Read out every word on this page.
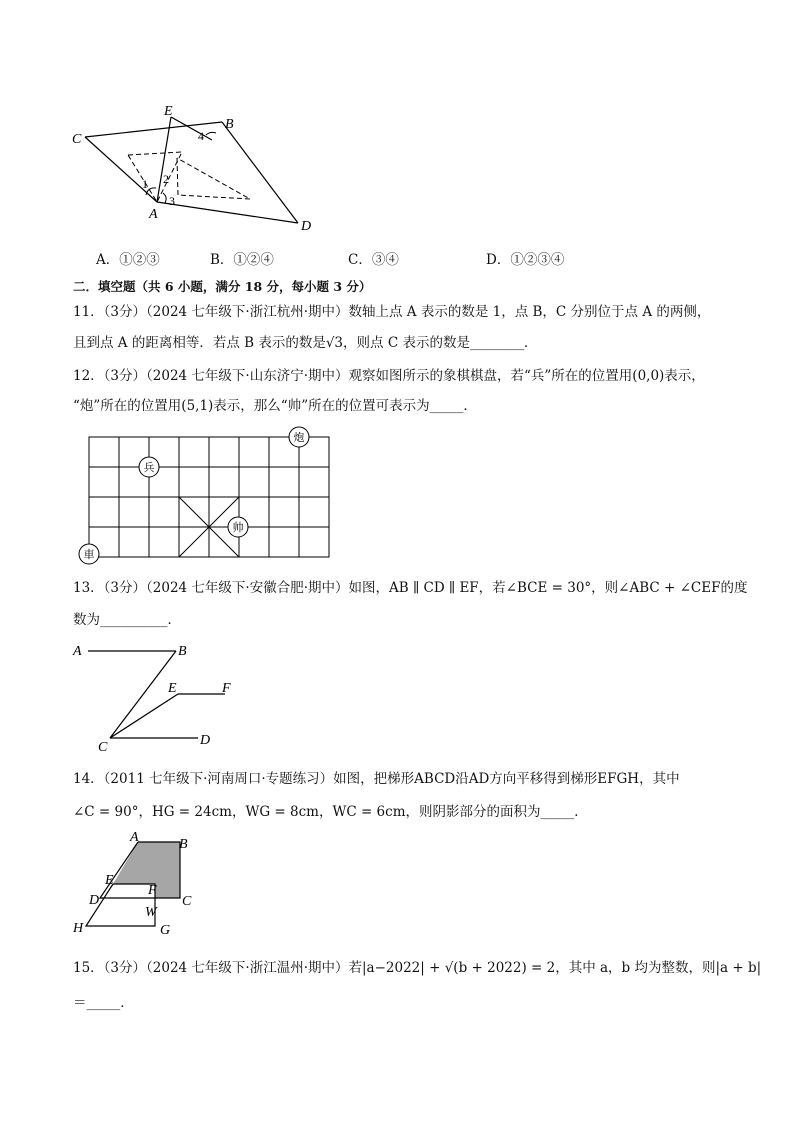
E
B
C
A
D
1 2
3
4
A．①②③	B．①②④	C．③④	D．①②③④
二．填空题（共 6 小题，满分 18 分，每小题 3 分）
11．（3分）（2024 七年级下·浙江杭州·期中）数轴上点 A 表示的数是 1，点 B，C 分别位于点 A 的两侧，
且到点 A 的距离相等．若点 B 表示的数是√3，则点 C 表示的数是________．
12．（3分）（2024 七年级下·山东济宁·期中）观察如图所示的象棋棋盘，若“兵”所在的位置用(0,0)表示，
“炮”所在的位置用(5,1)表示，那么“帅”所在的位置可表示为_____．
炮
兵
帅
車
13．（3分）（2024 七年级下·安徽合肥·期中）如图，AB ∥ CD ∥ EF，若∠BCE = 30°，则∠ABC + ∠CEF的度
数为__________．
A	B
E	F
C	D
14．（2011 七年级下·河南周口·专题练习）如图，把梯形ABCD沿AD方向平移得到梯形EFGH，其中
∠C = 90°，HG = 24cm，WG = 8cm，WC = 6cm，则阴影部分的面积为_____．
A	B
E
F
D	C
W
H	G
15．（3分）（2024 七年级下·浙江温州·期中）若|a−2022| + √(b + 2022) = 2，其中 a，b 均为整数，则|a + b|
＝_____．
